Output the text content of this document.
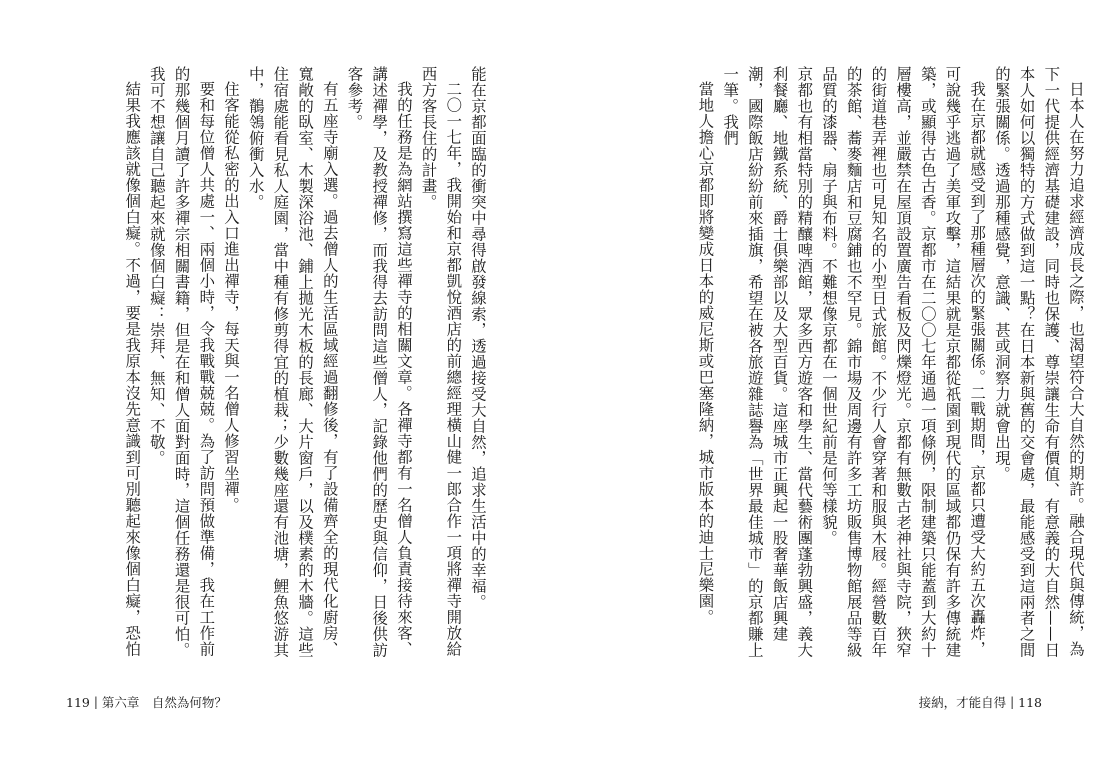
能在京都面臨的衝突中尋得啟發線索，透過接受大自然，追求生活中的幸福。

二〇一七年，我開始和京都凱悅酒店的前總經理橫山健一郎合作一項將禪寺開放給西方客長住的計畫。

我的任務是為網站撰寫這些禪寺的相關文章。各禪寺都有一名僧人負責接待來客、講述禪學，及教授禪修，而我得去訪問這些僧人，記錄他們的歷史與信仰，日後供訪客參考。

有五座寺廟入選。過去僧人的生活區域經過翻修後，有了設備齊全的現代化廚房、寬敞的臥室、木製深浴池、鋪上拋光木板的長廊、大片窗戶，以及樸素的木牆。這些住宿處能看見私人庭園，當中種有修剪得宜的植栽；少數幾座還有池塘，鯉魚悠游其中，鶺鴒俯衝入水。

住客能從私密的出入口進出禪寺，每天與一名僧人修習坐禪。

要和每位僧人共處一、兩個小時，令我戰戰兢兢。為了訪問預做準備，我在工作前的那幾個月讀了許多禪宗相關書籍，但是在和僧人面對面時，這個任務還是很可怕。我可不想讓自己聽起來就像個白癡：崇拜、無知、不敬。

結果我應該就像個白癡。不過，要是我原本沒先意識到可別聽起來像個白癡，恐怕

119 | 第六章　自然為何物？

日本人在努力追求經濟成長之際，也渴望符合大自然的期許。融合現代與傳統，為下一代提供經濟基礎建設，同時也保護、尊崇讓生命有價值、有意義的大自然——日本人如何以獨特的方式做到這一點？在日本新與舊的交會處，最能感受到這兩者之間的緊張關係。透過那種感覺，意識、甚或洞察力就會出現。

我在京都就感受到了那種層次的緊張關係。二戰期間，京都只遭受大約五次轟炸，可說幾乎逃過了美軍攻擊，這結果就是京都從祇園到現代的區域都仍保有許多傳統建築，或顯得古色古香。京都市在二〇〇七年通過一項條例，限制建築只能蓋到大約十層樓高，並嚴禁在屋頂設置廣告看板及閃爍燈光。京都有無數古老神社與寺院，狹窄的街道巷弄裡也可見知名的小型日式旅館。不少行人會穿著和服與木屐。經營數百年的茶館、蕎麥麵店和豆腐鋪也不罕見。錦市場及周邊有許多工坊販售博物館展品等級品質的漆器、扇子與布料。不難想像京都在一個世紀前是何等樣貌。

京都也有相當特別的精釀啤酒館，眾多西方遊客和學生、當代藝術團蓬勃興盛，義大利餐廳、地鐵系統、爵士俱樂部以及大型百貨。這座城市正興起一股奢華飯店興建潮，國際飯店紛紛前來插旗，希望在被各旅遊雜誌譽為「世界最佳城市」的京都賺上一筆。我們

當地人擔心京都即將變成日本的威尼斯或巴塞隆納，城市版本的迪士尼樂園。

接納，才能自得 | 118
